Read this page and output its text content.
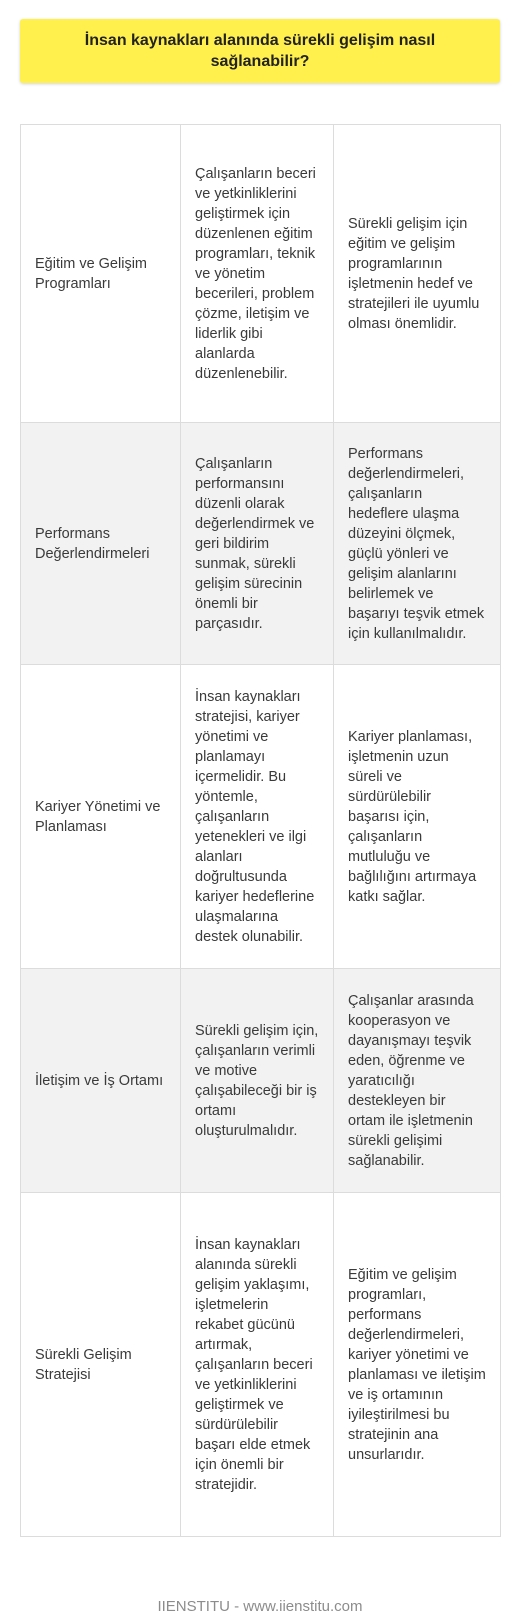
İnsan kaynakları alanında sürekli gelişim nasıl sağlanabilir?
Eğitim ve Gelişim Programları	Çalışanların beceri ve yetkinliklerini geliştirmek için düzenlenen eğitim programları, teknik ve yönetim becerileri, problem çözme, iletişim ve liderlik gibi alanlarda düzenlenebilir.	Sürekli gelişim için eğitim ve gelişim programlarının işletmenin hedef ve stratejileri ile uyumlu olması önemlidir.
Performans Değerlendirmeleri	Çalışanların performansını düzenli olarak değerlendirmek ve geri bildirim sunmak, sürekli gelişim sürecinin önemli bir parçasıdır.	Performans değerlendirmeleri, çalışanların hedeflere ulaşma düzeyini ölçmek, güçlü yönleri ve gelişim alanlarını belirlemek ve başarıyı teşvik etmek için kullanılmalıdır.
Kariyer Yönetimi ve Planlaması	İnsan kaynakları stratejisi, kariyer yönetimi ve planlamayı içermelidir. Bu yöntemle, çalışanların yetenekleri ve ilgi alanları doğrultusunda kariyer hedeflerine ulaşmalarına destek olunabilir.	Kariyer planlaması, işletmenin uzun süreli ve sürdürülebilir başarısı için, çalışanların mutluluğu ve bağlılığını artırmaya katkı sağlar.
İletişim ve İş Ortamı	Sürekli gelişim için, çalışanların verimli ve motive çalışabileceği bir iş ortamı oluşturulmalıdır.	Çalışanlar arasında kooperasyon ve dayanışmayı teşvik eden, öğrenme ve yaratıcılığı destekleyen bir ortam ile işletmenin sürekli gelişimi sağlanabilir.
Sürekli Gelişim Stratejisi	İnsan kaynakları alanında sürekli gelişim yaklaşımı, işletmelerin rekabet gücünü artırmak, çalışanların beceri ve yetkinliklerini geliştirmek ve sürdürülebilir başarı elde etmek için önemli bir stratejidir.	Eğitim ve gelişim programları, performans değerlendirmeleri, kariyer yönetimi ve planlaması ve iletişim ve iş ortamının iyileştirilmesi bu stratejinin ana unsurlarıdır.
IIENSTITU - www.iienstitu.com
